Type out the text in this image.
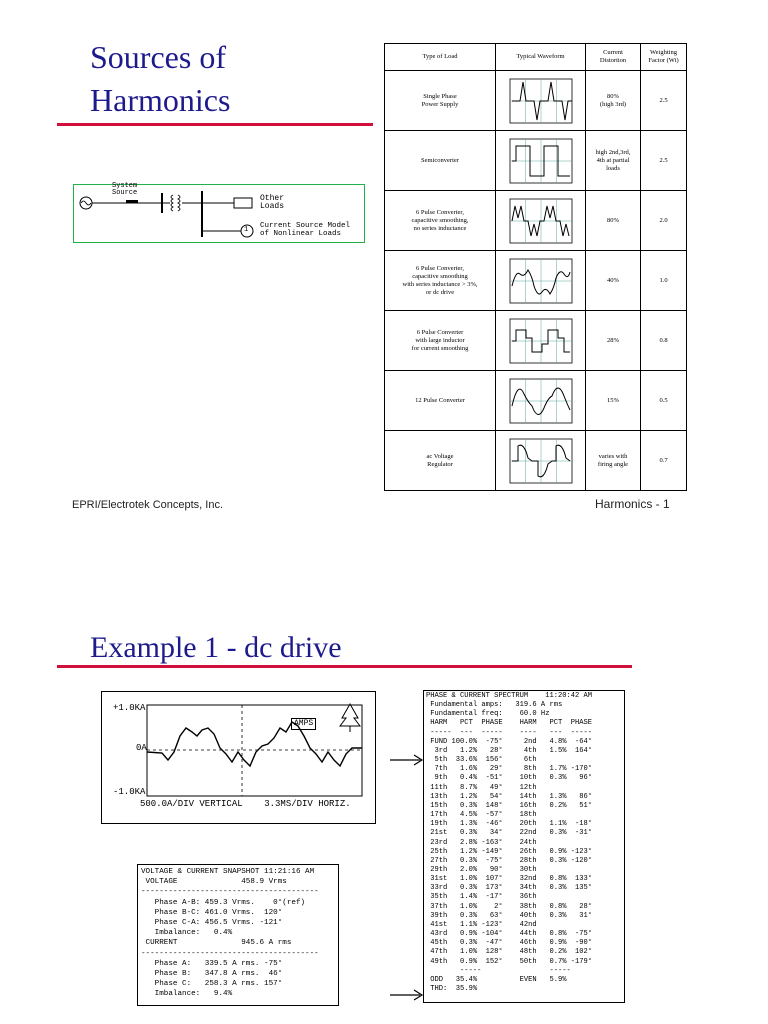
Sources of
Harmonics
System
Source
Other
Loads
1 Current Source Model
of Nonlinear Loads
Type of Load	Typical Waveform	Current
Distortion	Weighting
Factor (Wi)
Single Phase
Power Supply		80%
(high 3rd)	2.5
Semiconverter		high 2nd,3rd,
4th at partial
loads	2.5
6 Pulse Converter,
capacitive smoothing,
no series inductance		80%	2.0
6 Pulse Converter,
capacitive smoothing
with series inductance > 3%,
or dc drive		40%	1.0
6 Pulse Converter
with large inductor
for current smoothing		28%	0.8
12 Pulse Converter		15%	0.5
ac Voltage
Regulator		varies with
firing angle	0.7
EPRI/Electrotek Concepts, Inc.	Harmonics - 1
Example 1 - dc drive
+1.0KA
0A
-1.0KA
AMPS
500.0A/DIV VERTICAL    3.3MS/DIV HORIZ.
VOLTAGE & CURRENT SNAPSHOT 11:21:16 AM
VOLTAGE              458.9 Vrms
---------------------------------------
Phase A-B: 459.3 Vrms.    0°(ref)
Phase B-C: 461.0 Vrms.  120°
Phase C-A: 456.5 Vrms. -121°
Imbalance:   0.4%
CURRENT              945.6 A rms
---------------------------------------
Phase A:   339.5 A rms. -75°
Phase B:   347.8 A rms.  46°
Phase C:   258.3 A rms. 157°
Imbalance:   9.4%
PHASE & CURRENT SPECTRUM    11:20:42 AM
Fundamental amps:   319.6 A rms
Fundamental freq:    60.0 Hz
HARM   PCT  PHASE    HARM   PCT  PHASE
-----  ---  -----    ----   ---  -----
FUND 100.0%  -75°     2nd   4.8%  -64°
3rd   1.2%   28°     4th   1.5%  164°
5th  33.6%  156°     6th
7th   1.6%   29°     8th   1.7% -170°
9th   0.4%  -51°    10th   0.3%   96°
11th   8.7%   49°    12th
13th   1.2%   54°    14th   1.3%   86°
15th   0.3%  148°    16th   0.2%   51°
17th   4.5%  -57°    18th
19th   1.3%  -46°    20th   1.1%  -18°
21st   0.3%   34°    22nd   0.3%  -31°
23rd   2.8% -163°    24th
25th   1.2% -149°    26th   0.9% -123°
27th   0.3%  -75°    28th   0.3% -120°
29th   2.0%   90°    30th
31st   1.0%  107°    32nd   0.8%  133°
33rd   0.3%  173°    34th   0.3%  135°
35th   1.4%  -17°    36th
37th   1.0%    2°    38th   0.8%   28°
39th   0.3%   63°    40th   0.3%   31°
41st   1.1% -123°    42nd
43rd   0.9% -104°    44th   0.8%  -75°
45th   0.3%  -47°    46th   0.9%  -90°
47th   1.0%  128°    48th   0.2%  102°
49th   0.9%  152°    50th   0.7% -179°
-----                -----
ODD   35.4%          EVEN   5.9%
THD:  35.9%
